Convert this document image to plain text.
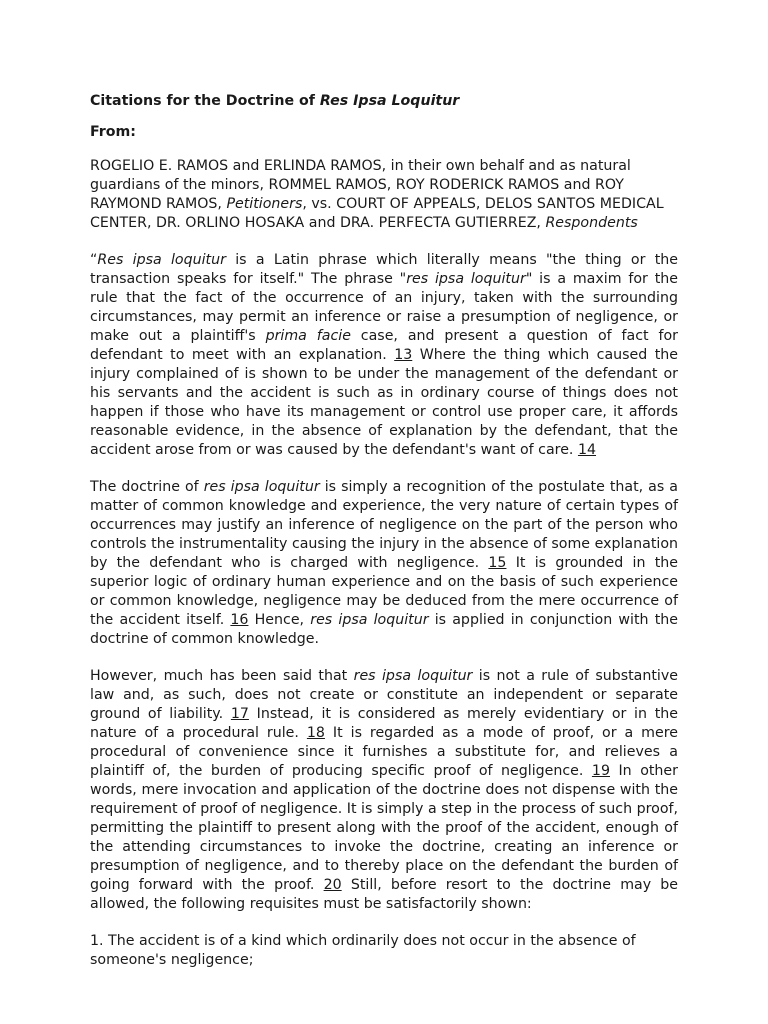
Citations for the Doctrine of Res Ipsa Loquitur
From:

ROGELIO E. RAMOS and ERLINDA RAMOS, in their own behalf and as natural guardians of the minors, ROMMEL RAMOS, ROY RODERICK RAMOS and ROY RAYMOND RAMOS, Petitioners, vs. COURT OF APPEALS, DELOS SANTOS MEDICAL CENTER, DR. ORLINO HOSAKA and DRA. PERFECTA GUTIERREZ, Respondents

“Res ipsa loquitur is a Latin phrase which literally means "the thing or the transaction speaks for itself." The phrase "res ipsa loquitur" is a maxim for the rule that the fact of the occurrence of an injury, taken with the surrounding circumstances, may permit an inference or raise a presumption of negligence, or make out a plaintiff's prima facie case, and present a question of fact for defendant to meet with an explanation. 13 Where the thing which caused the injury complained of is shown to be under the management of the defendant or his servants and the accident is such as in ordinary course of things does not happen if those who have its management or control use proper care, it affords reasonable evidence, in the absence of explanation by the defendant, that the accident arose from or was caused by the defendant's want of care. 14

The doctrine of res ipsa loquitur is simply a recognition of the postulate that, as a matter of common knowledge and experience, the very nature of certain types of occurrences may justify an inference of negligence on the part of the person who controls the instrumentality causing the injury in the absence of some explanation by the defendant who is charged with negligence. 15 It is grounded in the superior logic of ordinary human experience and on the basis of such experience or common knowledge, negligence may be deduced from the mere occurrence of the accident itself. 16 Hence, res ipsa loquitur is applied in conjunction with the doctrine of common knowledge.

However, much has been said that res ipsa loquitur is not a rule of substantive law and, as such, does not create or constitute an independent or separate ground of liability. 17 Instead, it is considered as merely evidentiary or in the nature of a procedural rule. 18 It is regarded as a mode of proof, or a mere procedural of convenience since it furnishes a substitute for, and relieves a plaintiff of, the burden of producing specific proof of negligence. 19 In other words, mere invocation and application of the doctrine does not dispense with the requirement of proof of negligence. It is simply a step in the process of such proof, permitting the plaintiff to present along with the proof of the accident, enough of the attending circumstances to invoke the doctrine, creating an inference or presumption of negligence, and to thereby place on the defendant the burden of going forward with the proof. 20 Still, before resort to the doctrine may be allowed, the following requisites must be satisfactorily shown:

1. The accident is of a kind which ordinarily does not occur in the absence of someone's negligence;
